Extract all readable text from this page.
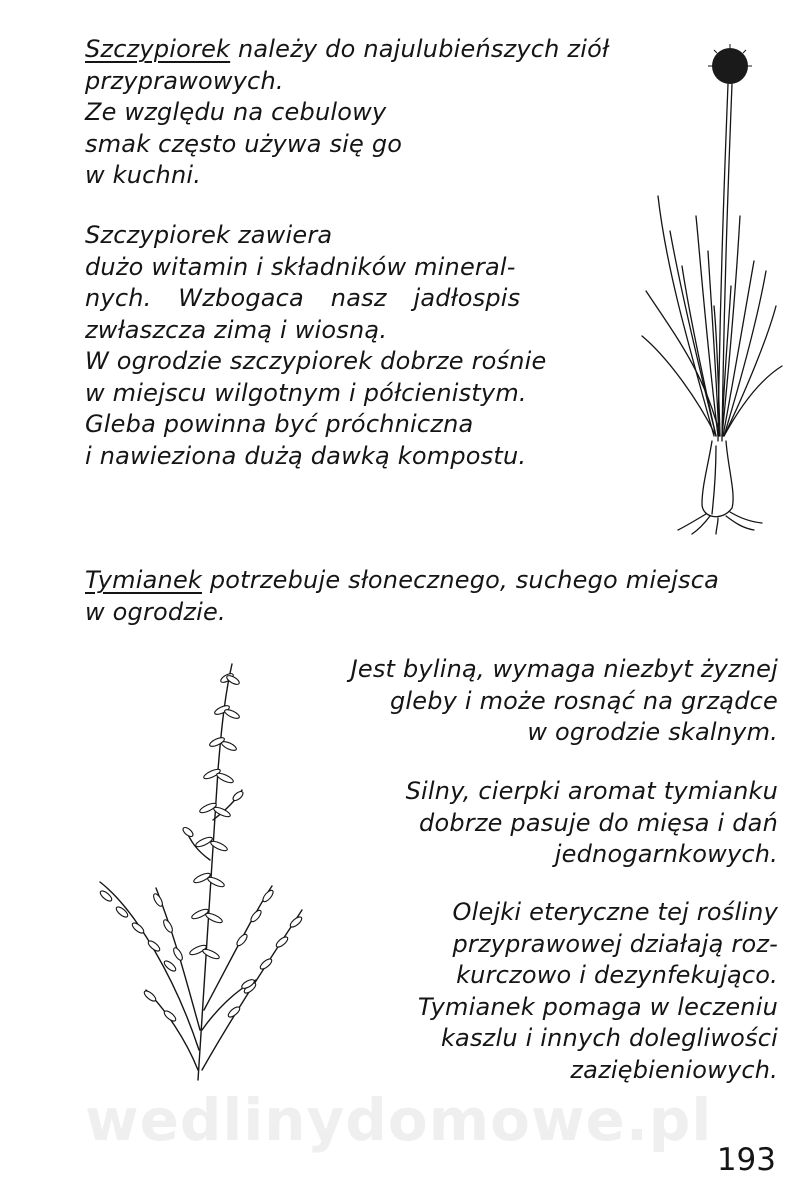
Szczypiorek należy do najulubieńszych ziół
przyprawowych.
Ze względu na cebulowy
smak często używa się go
w kuchni.

Szczypiorek zawiera
dużo witamin i składników mineral-
nych. Wzbogaca nasz jadłospis
zwłaszcza zimą i wiosną.
W ogrodzie szczypiorek dobrze rośnie
w miejscu wilgotnym i półcienistym.
Gleba powinna być próchniczna
i nawieziona dużą dawką kompostu.

Tymianek potrzebuje słonecznego, suchego miejsca
w ogrodzie.

Jest byliną, wymaga niezbyt żyznej
gleby i może rosnąć na grządce
w ogrodzie skalnym.

Silny, cierpki aromat tymianku
dobrze pasuje do mięsa i dań
jednogarnkowych.

Olejki eteryczne tej rośliny
przyprawowej działają roz-
kurczowo i dezynfekująco.
Tymianek pomaga w leczeniu
kaszlu i innych dolegliwości
zaziębieniowych.

wedlinydomowe.pl
193
